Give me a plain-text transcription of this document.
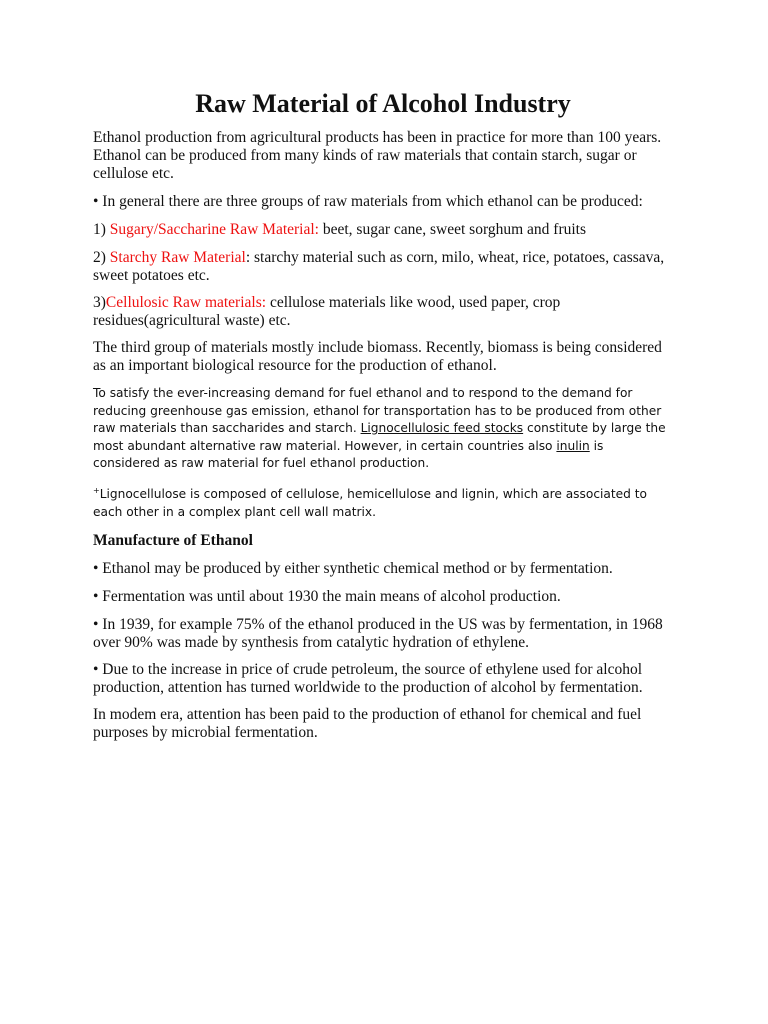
Raw Material of Alcohol Industry

Ethanol production from agricultural products has been in practice for more than 100 years. Ethanol can be produced from many kinds of raw materials that contain starch, sugar or cellulose etc.

• In general there are three groups of raw materials from which ethanol can be produced:

1) Sugary/Saccharine Raw Material: beet, sugar cane, sweet sorghum and fruits

2) Starchy Raw Material: starchy material such as corn, milo, wheat, rice, potatoes, cassava, sweet potatoes etc.

3)Cellulosic Raw materials: cellulose materials like wood, used paper, crop residues(agricultural waste) etc.

The third group of materials mostly include biomass. Recently, biomass is being considered as an important biological resource for the production of ethanol.

To satisfy the ever-increasing demand for fuel ethanol and to respond to the demand for reducing greenhouse gas emission, ethanol for transportation has to be produced from other raw materials than saccharides and starch. Lignocellulosic feed stocks constitute by large the most abundant alternative raw material. However, in certain countries also inulin is considered as raw material for fuel ethanol production.

+Lignocellulose is composed of cellulose, hemicellulose and lignin, which are associated to each other in a complex plant cell wall matrix.

Manufacture of Ethanol

• Ethanol may be produced by either synthetic chemical method or by fermentation.

• Fermentation was until about 1930 the main means of alcohol production.

• In 1939, for example 75% of the ethanol produced in the US was by fermentation, in 1968 over 90% was made by synthesis from catalytic hydration of ethylene.

• Due to the increase in price of crude petroleum, the source of ethylene used for alcohol production, attention has turned worldwide to the production of alcohol by fermentation.

In modem era, attention has been paid to the production of ethanol for chemical and fuel purposes by microbial fermentation.
